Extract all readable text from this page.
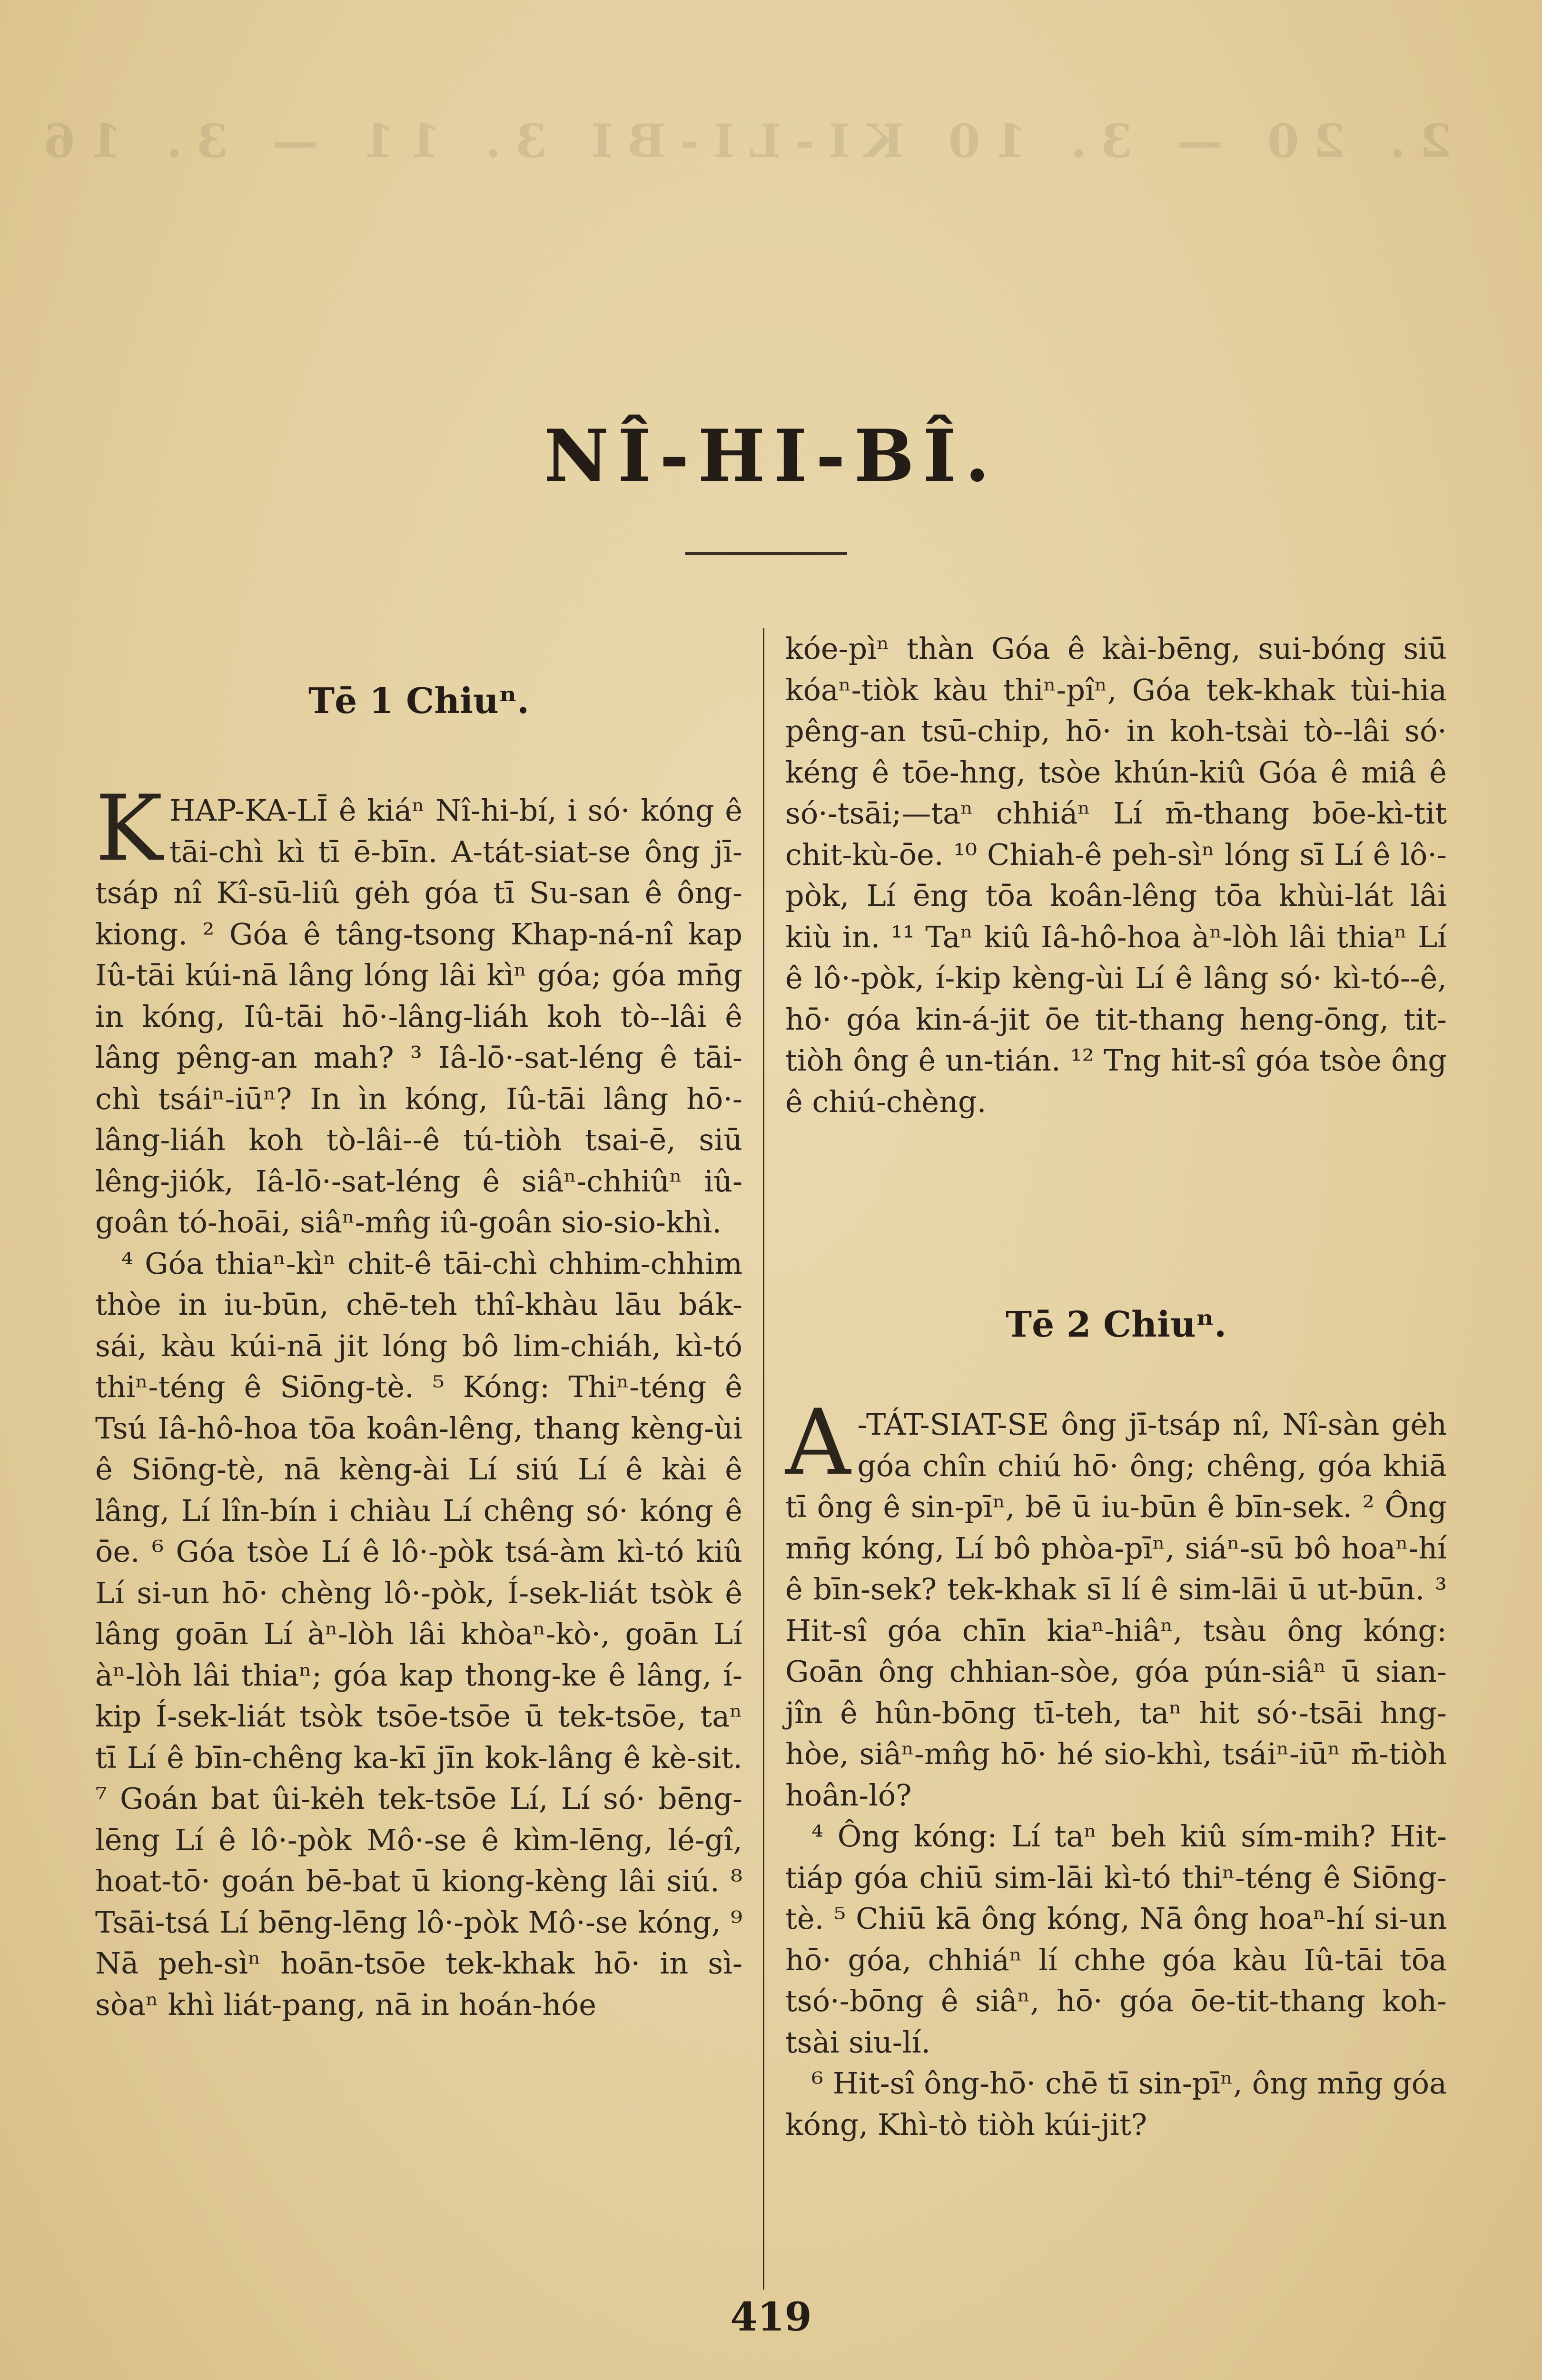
2. 20 — 3. 10 KI-LI-BI 3. 11 — 3. 16
NÎ-HI-BÎ.
Tē 1 Chiuⁿ.

KHAP-KA-LĪ ê kiáⁿ Nî-hi-bí, i só· kóng ê tāi-chì kì tī ē-bīn. A-tát-siat-se ông jī-tsáp nî Kî-sū-liû gėh góa tī Su-san ê ông-kiong. ² Góa ê tâng-tsong Khap-ná-nî kap Iû-tāi kúi-nā lâng lóng lâi kìⁿ góa; góa mn̄g in kóng, Iû-tāi hō·-lâng-liáh koh tò--lâi ê lâng pêng-an mah? ³ Iâ-lō·-sat-léng ê tāi-chì tsáiⁿ-iūⁿ? In ìn kóng, Iû-tāi lâng hō·-lâng-liáh koh tò-lâi--ê tú-tiòh tsai-ē, siū lêng-jiók, Iâ-lō·-sat-léng ê siâⁿ-chhiûⁿ iû-goân tó-hoāi, siâⁿ-mn̂g iû-goân sio-sio-khì.

⁴ Góa thiaⁿ-kìⁿ chit-ê tāi-chì chhim-chhim thòe in iu-būn, chē-teh thî-khàu lāu bák-sái, kàu kúi-nā jit lóng bô lim-chiáh, kì-tó thiⁿ-téng ê Siōng-tè. ⁵ Kóng: Thiⁿ-téng ê Tsú Iâ-hô-hoa tōa koân-lêng, thang kèng-ùi ê Siōng-tè, nā kèng-ài Lí siú Lí ê kài ê lâng, Lí lîn-bín i chiàu Lí chêng só· kóng ê ōe. ⁶ Góa tsòe Lí ê lô·-pòk tsá-àm kì-tó kiû Lí si-un hō· chèng lô·-pòk, Í-sek-liát tsòk ê lâng goān Lí àⁿ-lòh lâi khòaⁿ-kò·, goān Lí àⁿ-lòh lâi thiaⁿ; góa kap thong-ke ê lâng, í-kip Í-sek-liát tsòk tsōe-tsōe ū tek-tsōe, taⁿ tī Lí ê bīn-chêng ka-kī jīn kok-lâng ê kè-sit. ⁷ Goán bat ûi-kėh tek-tsōe Lí, Lí só· bēng-lēng Lí ê lô·-pòk Mô·-se ê kìm-lēng, lé-gî, hoat-tō· goán bē-bat ū kiong-kèng lâi siú. ⁸ Tsāi-tsá Lí bēng-lēng lô·-pòk Mô·-se kóng, ⁹ Nā peh-sìⁿ hoān-tsōe tek-khak hō· in sì-sòaⁿ khì liát-pang, nā in hoán-hóe

kóe-pìⁿ thàn Góa ê kài-bēng, sui-bóng siū kóaⁿ-tiòk kàu thiⁿ-pîⁿ, Góa tek-khak tùi-hia pêng-an tsū-chip, hō· in koh-tsài tò--lâi só· kéng ê tōe-hng, tsòe khún-kiû Góa ê miâ ê só·-tsāi;—taⁿ chhiáⁿ Lí m̄-thang bōe-kì-tit chit-kù-ōe. ¹⁰ Chiah-ê peh-sìⁿ lóng sī Lí ê lô·-pòk, Lí ēng tōa koân-lêng tōa khùi-lát lâi kiù in. ¹¹ Taⁿ kiû Iâ-hô-hoa àⁿ-lòh lâi thiaⁿ Lí ê lô·-pòk, í-kip kèng-ùi Lí ê lâng só· kì-tó--ê, hō· góa kin-á-jit ōe tit-thang heng-ōng, tit-tiòh ông ê un-tián. ¹² Tng hit-sî góa tsòe ông ê chiú-chèng.

Tē 2 Chiuⁿ.

A -TÁT-SIAT-SE ông jī-tsáp nî, Nî-sàn gėh góa chîn chiú hō· ông; chêng, góa khiā tī ông ê sin-pīⁿ, bē ū iu-būn ê bīn-sek. ² Ông mn̄g kóng, Lí bô phòa-pīⁿ, siáⁿ-sū bô hoaⁿ-hí ê bīn-sek? tek-khak sī lí ê sim-lāi ū ut-būn. ³ Hit-sî góa chīn kiaⁿ-hiâⁿ, tsàu ông kóng: Goān ông chhian-sòe, góa pún-siâⁿ ū sian-jîn ê hûn-bōng tī-teh, taⁿ hit só·-tsāi hng-hòe, siâⁿ-mn̂g hō· hé sio-khì, tsáiⁿ-iūⁿ m̄-tiòh hoân-ló?

⁴ Ông kóng: Lí taⁿ beh kiû sím-mih? Hit-tiáp góa chiū sim-lāi kì-tó thiⁿ-téng ê Siōng-tè. ⁵ Chiū kā ông kóng, Nā ông hoaⁿ-hí si-un hō· góa, chhiáⁿ lí chhe góa kàu Iû-tāi tōa tsó·-bōng ê siâⁿ, hō· góa ōe-tit-thang koh-tsài siu-lí.

⁶ Hit-sî ông-hō· chē tī sin-pīⁿ, ông mn̄g góa kóng, Khì-tò tiòh kúi-jit?

419
